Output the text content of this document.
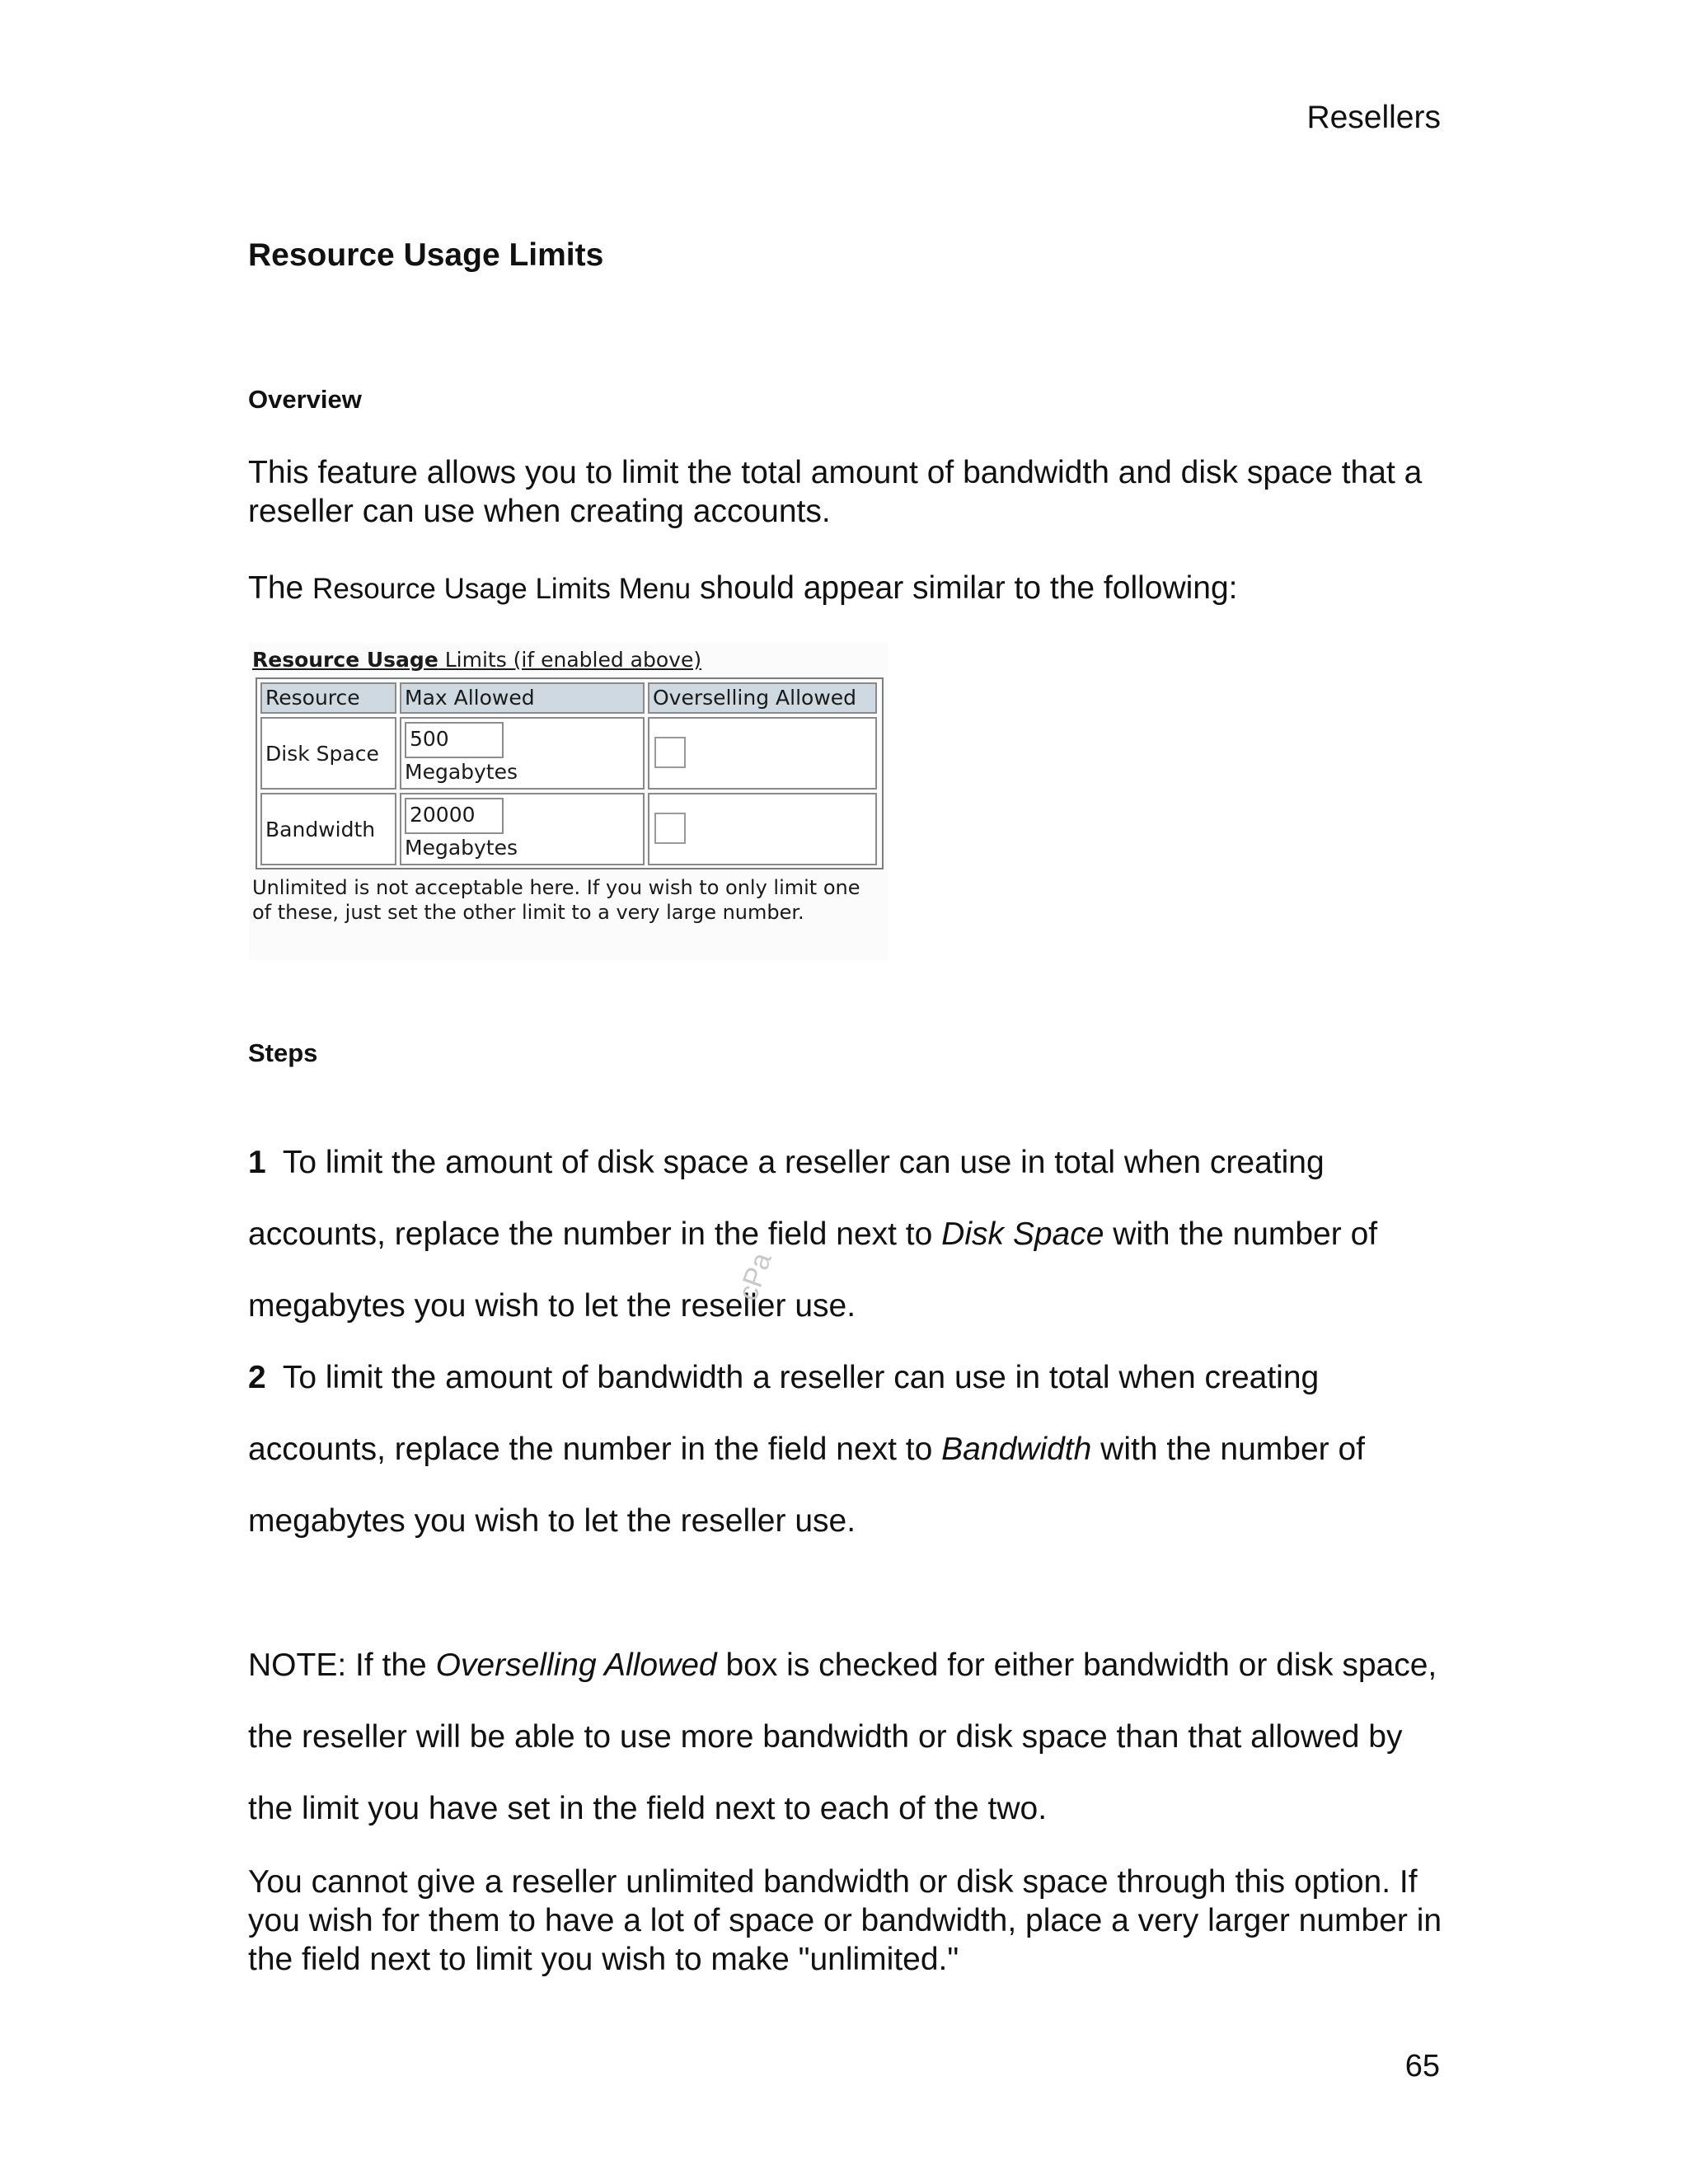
Resellers
Resource Usage Limits
Overview
This feature allows you to limit the total amount of bandwidth and disk space that a reseller can use when creating accounts.
The Resource Usage Limits Menu should appear similar to the following:
Resource Usage Limits (if enabled above)
Resource Max Allowed	Overselling Allowed
Disk Space
500
Megabytes
Bandwidth
20000
Megabytes
Unlimited is not acceptable here. If you wish to only limit one of these, just set the other limit to a very large number.
Steps
1 To limit the amount of disk space a reseller can use in total when creating accounts, replace the number in the field next to Disk Space with the number of megabytes you wish to let the reseller use.
2 To limit the amount of bandwidth a reseller can use in total when creating accounts, replace the number in the field next to Bandwidth with the number of megabytes you wish to let the reseller use.
NOTE: If the Overselling Allowed box is checked for either bandwidth or disk space, the reseller will be able to use more bandwidth or disk space than that allowed by the limit you have set in the field next to each of the two.
You cannot give a reseller unlimited bandwidth or disk space through this option. If you wish for them to have a lot of space or bandwidth, place a very larger number in the field next to limit you wish to make "unlimited."
cPa
65
